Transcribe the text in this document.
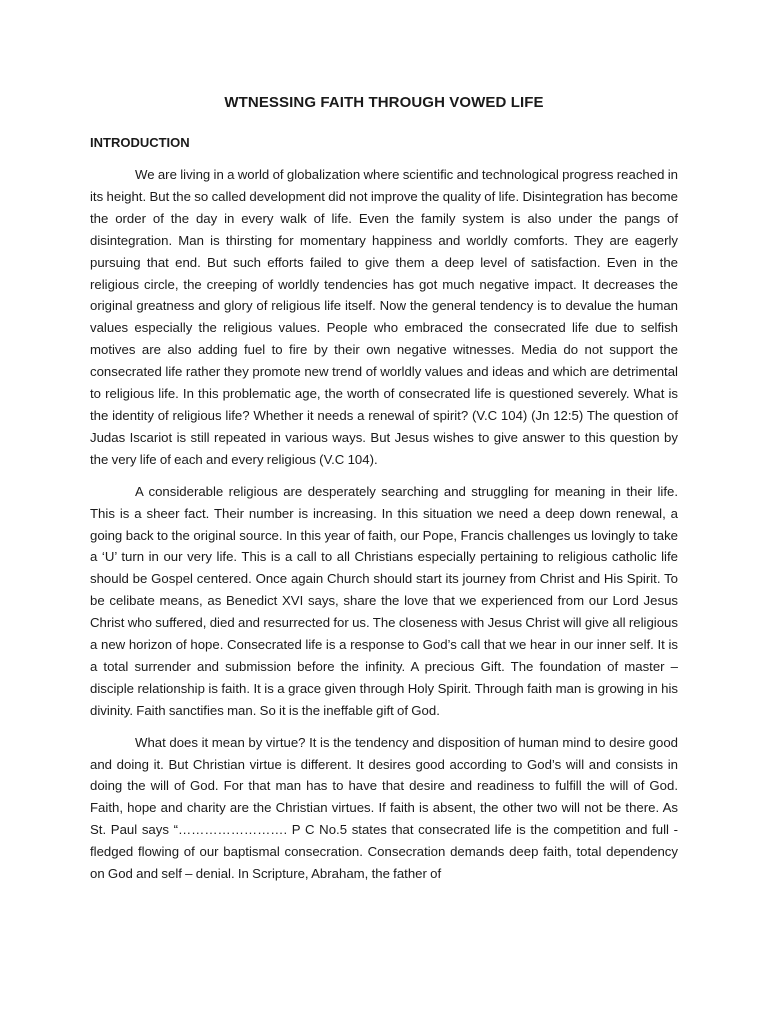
WTNESSING FAITH THROUGH VOWED LIFE
INTRODUCTION

We are living in a world of globalization where scientific and technological progress reached in its height. But the so called development did not improve the quality of life. Disintegration has become the order of the day in every walk of life. Even the family system is also under the pangs of disintegration. Man is thirsting for momentary happiness and worldly comforts. They are eagerly pursuing that end. But such efforts failed to give them a deep level of satisfaction. Even in the religious circle, the creeping of worldly tendencies has got much negative impact. It decreases the original greatness and glory of religious life itself. Now the general tendency is to devalue the human values especially the religious values. People who embraced the consecrated life due to selfish motives are also adding fuel to fire by their own negative witnesses. Media do not support the consecrated life rather they promote new trend of worldly values and ideas and which are detrimental to religious life. In this problematic age, the worth of consecrated life is questioned severely. What is the identity of religious life? Whether it needs a renewal of spirit? (V.C 104) (Jn 12:5) The question of Judas Iscariot is still repeated in various ways. But Jesus wishes to give answer to this question by the very life of each and every religious (V.C 104).

A considerable religious are desperately searching and struggling for meaning in their life. This is a sheer fact. Their number is increasing. In this situation we need a deep down renewal, a going back to the original source. In this year of faith, our Pope, Francis challenges us lovingly to take a ‘U’ turn in our very life. This is a call to all Christians especially pertaining to religious catholic life should be Gospel centered. Once again Church should start its journey from Christ and His Spirit. To be celibate means, as Benedict XVI says, share the love that we experienced from our Lord Jesus Christ who suffered, died and resurrected for us. The closeness with Jesus Christ will give all religious a new horizon of hope. Consecrated life is a response to God’s call that we hear in our inner self. It is a total surrender and submission before the infinity. A precious Gift. The foundation of master – disciple relationship is faith. It is a grace given through Holy Spirit. Through faith man is growing in his divinity. Faith sanctifies man. So it is the ineffable gift of God.

What does it mean by virtue? It is the tendency and disposition of human mind to desire good and doing it. But Christian virtue is different. It desires good according to God’s will and consists in doing the will of God. For that man has to have that desire and readiness to fulfill the will of God. Faith, hope and charity are the Christian virtues. If faith is absent, the other two will not be there. As St. Paul says “……………………. P C No.5 states that consecrated life is the competition and full - fledged flowing of our baptismal consecration. Consecration demands deep faith, total dependency on God and self – denial. In Scripture, Abraham, the father of
